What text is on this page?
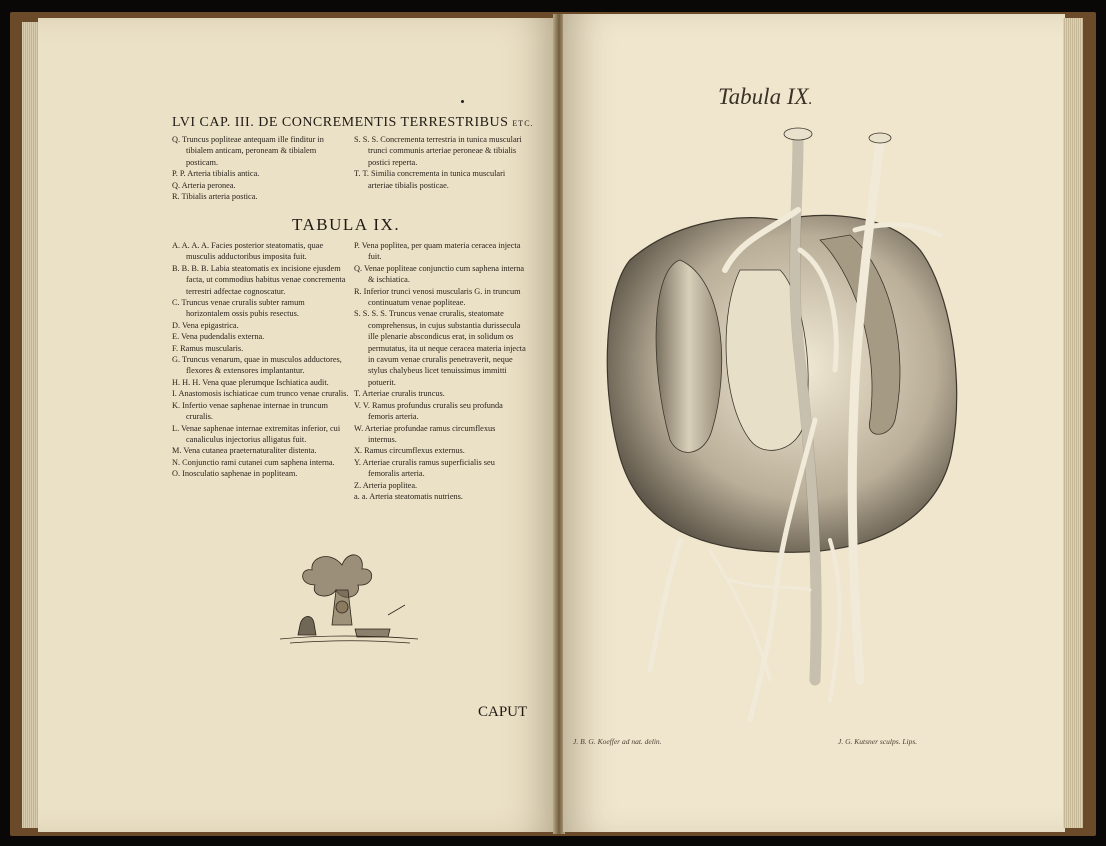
LVI CAP. III. DE CONCREMENTIS TERRESTRIBUS ETC.

Q. Truncus popliteae antequam ille finditur in tibialem anticam, peroneam & tibialem posticam.

P. P. Arteria tibialis antica.

Q. Arteria peronea.

R. Tibialis arteria postica.

S. S. S. Concrementa terrestria in tunica musculari trunci communis arteriae peroneae & tibialis postici reperta.

T. T. Similia concrementa in tunica musculari arteriae tibialis posticae.

TABULA IX.

A. A. A. A. Facies posterior steatomatis, quae musculis adductoribus imposita fuit.

B. B. B. B. Labia steatomatis ex incisione ejusdem facta, ut commodius habitus venae concrementa terrestri adfectae cognoscatur.

C. Truncus venae cruralis subter ramum horizontalem ossis pubis resectus.

D. Vena epigastrica.

E. Vena pudendalis externa.

F. Ramus muscularis.

G. Truncus venarum, quae in musculos adductores, flexores & extensores implantantur.

H. H. H. Vena quae plerumque Ischiatica audit.

I. Anastomosis ischiaticae cum trunco venae cruralis.

K. Infertio venae saphenae internae in truncum cruralis.

L. Venae saphenae internae extremitas inferior, cui canaliculus injectorius alligatus fuit.

M. Vena cutanea praeternaturaliter distenta.

N. Conjunctio rami cutanei cum saphena interna.

O. Inosculatio saphenae in popliteam.

P. Vena poplitea, per quam materia ceracea injecta fuit.

Q. Venae popliteae conjunctio cum saphena interna & ischiatica.

R. Inferior trunci venosi muscularis G. in truncum continuatum venae popliteae.

S. S. S. S. Truncus venae cruralis, steatomate comprehensus, in cujus substantia durissecula ille plenarie abscondicus erat, in solidum os permutatus, ita ut neque ceracea materia injecta in cavum venae cruralis penetraverit, neque stylus chalybeus licet tenuissimus immitti potuerit.

T. Arteriae cruralis truncus.

V. V. Ramus profundus cruralis seu profunda femoris arteria.

W. Arteriae profundae ramus circumflexus internus.

X. Ramus circumflexus externus.

Y. Arteriae cruralis ramus superficialis seu femoralis arteria.

Z. Arteria poplitea.

a. a. Arteria steatomatis nutriens.

CAPUT
Tabula IX.
J. B. G. Koeffer ad nat. delin.	J. G. Kutsner sculps. Lips.
